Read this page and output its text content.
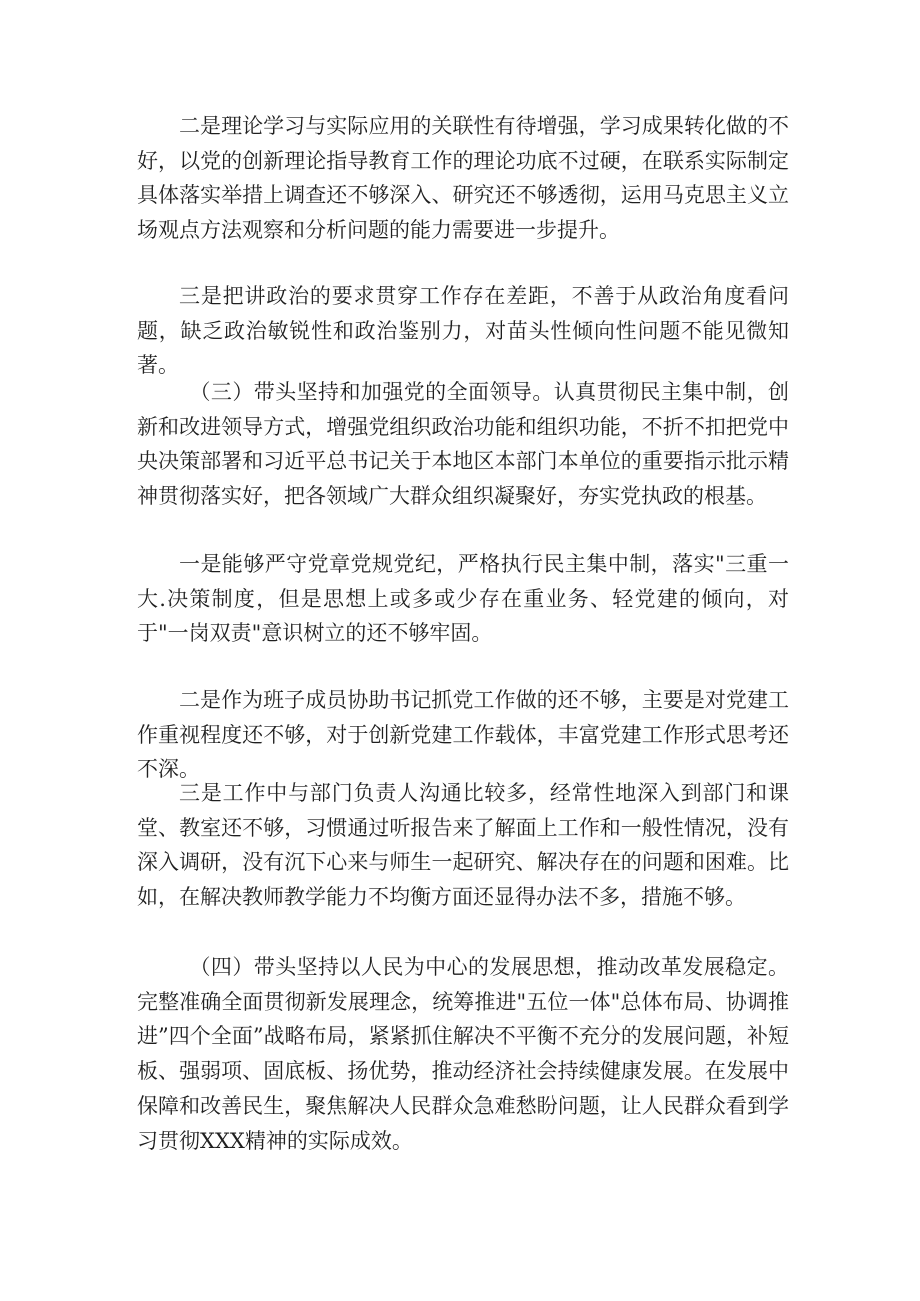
二是理论学习与实际应用的关联性有待增强，学习成果转化做的不好，以党的创新理论指导教育工作的理论功底不过硬，在联系实际制定具体落实举措上调查还不够深入、研究还不够透彻，运用马克思主义立场观点方法观察和分析问题的能力需要进一步提升。

三是把讲政治的要求贯穿工作存在差距，不善于从政治角度看问题，缺乏政治敏锐性和政治鉴别力，对苗头性倾向性问题不能见微知著。

（三）带头坚持和加强党的全面领导。认真贯彻民主集中制，创新和改进领导方式，增强党组织政治功能和组织功能，不折不扣把党中央决策部署和习近平总书记关于本地区本部门本单位的重要指示批示精神贯彻落实好，把各领域广大群众组织凝聚好，夯实党执政的根基。

一是能够严守党章党规党纪，严格执行民主集中制，落实"三重一大.决策制度，但是思想上或多或少存在重业务、轻党建的倾向，对于"一岗双责"意识树立的还不够牢固。

二是作为班子成员协助书记抓党工作做的还不够，主要是对党建工作重视程度还不够，对于创新党建工作载体，丰富党建工作形式思考还不深。

三是工作中与部门负责人沟通比较多，经常性地深入到部门和课堂、教室还不够，习惯通过听报告来了解面上工作和一般性情况，没有深入调研，没有沉下心来与师生一起研究、解决存在的问题和困难。比如，在解决教师教学能力不均衡方面还显得办法不多，措施不够。

（四）带头坚持以人民为中心的发展思想，推动改革发展稳定。完整准确全面贯彻新发展理念，统筹推进"五位一体"总体布局、协调推进”四个全面”战略布局，紧紧抓住解决不平衡不充分的发展问题，补短板、强弱项、固底板、扬优势，推动经济社会持续健康发展。在发展中保障和改善民生，聚焦解决人民群众急难愁盼问题，让人民群众看到学习贯彻XXX精神的实际成效。
